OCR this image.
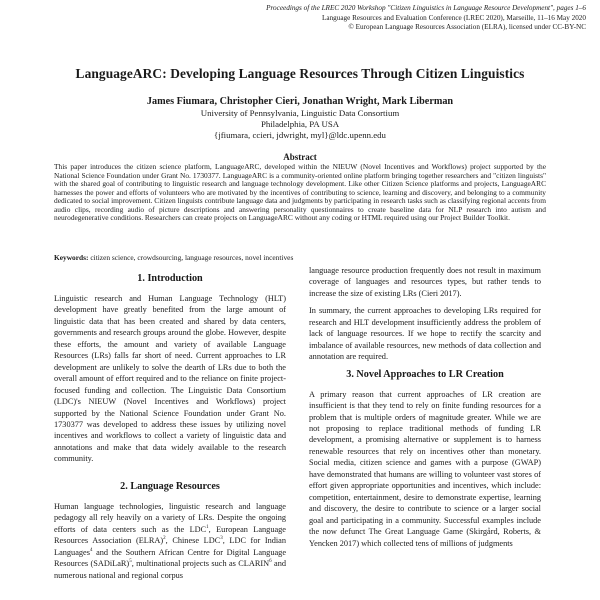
Proceedings of the LREC 2020 Workshop "Citizen Linguistics in Language Resource Development", pages 1–6
Language Resources and Evaluation Conference (LREC 2020), Marseille, 11–16 May 2020
© European Language Resources Association (ELRA), licensed under CC-BY-NC
LanguageARC: Developing Language Resources Through Citizen Linguistics
James Fiumara, Christopher Cieri, Jonathan Wright, Mark Liberman
University of Pennsylvania, Linguistic Data Consortium
Philadelphia, PA USA
{jfiumara, ccieri, jdwright, myl}@ldc.upenn.edu
Abstract
This paper introduces the citizen science platform, LanguageARC, developed within the NIEUW (Novel Incentives and Workflows) project supported by the National Science Foundation under Grant No. 1730377. LanguageARC is a community-oriented online platform bringing together researchers and "citizen linguists" with the shared goal of contributing to linguistic research and language technology development. Like other Citizen Science platforms and projects, LanguageARC harnesses the power and efforts of volunteers who are motivated by the incentives of contributing to science, learning and discovery, and belonging to a community dedicated to social improvement. Citizen linguists contribute language data and judgments by participating in research tasks such as classifying regional accents from audio clips, recording audio of picture descriptions and answering personality questionnaires to create baseline data for NLP research into autism and neurodegenerative conditions. Researchers can create projects on LanguageARC without any coding or HTML required using our Project Builder Toolkit.
Keywords: citizen science, crowdsourcing, language resources, novel incentives
1. Introduction

Linguistic research and Human Language Technology (HLT) development have greatly benefited from the large amount of linguistic data that has been created and shared by data centers, governments and research groups around the globe. However, despite these efforts, the amount and variety of available Language Resources (LRs) falls far short of need. Current approaches to LR development are unlikely to solve the dearth of LRs due to both the overall amount of effort required and to the reliance on finite project-focused funding and collection. The Linguistic Data Consortium (LDC)'s NIEUW (Novel Incentives and Workflows) project supported by the National Science Foundation under Grant No. 1730377 was developed to address these issues by utilizing novel incentives and workflows to collect a variety of linguistic data and annotations and make that data widely available to the research community.

2. Language Resources

Human language technologies, linguistic research and language pedagogy all rely heavily on a variety of LRs. Despite the ongoing efforts of data centers such as the LDC$^1$, European Language Resources Association (ELRA)$^2$, Chinese LDC$^3$, LDC for Indian Languages$^4$ and the Southern African Centre for Digital Language Resources (SADiLaR)$^5$, multinational projects such as CLARIN$^6$ and numerous national and regional corpus

language resource production frequently does not result in maximum coverage of languages and resources types, but rather tends to increase the size of existing LRs (Cieri 2017).

In summary, the current approaches to developing LRs required for research and HLT development insufficiently address the problem of lack of language resources. If we hope to rectify the scarcity and imbalance of available resources, new methods of data collection and annotation are required.

3. Novel Approaches to LR Creation

A primary reason that current approaches of LR creation are insufficient is that they tend to rely on finite funding resources for a problem that is multiple orders of magnitude greater. While we are not proposing to replace traditional methods of funding LR development, a promising alternative or supplement is to harness renewable resources that rely on incentives other than monetary. Social media, citizen science and games with a purpose (GWAP) have demonstrated that humans are willing to volunteer vast stores of effort given appropriate opportunities and incentives, which include: competition, entertainment, desire to demonstrate expertise, learning and discovery, the desire to contribute to science or a larger social goal and participating in a community. Successful examples include the now defunct The Great Language Game (Skirgård, Roberts, & Yencken 2017) which collected tens of millions of judgments
